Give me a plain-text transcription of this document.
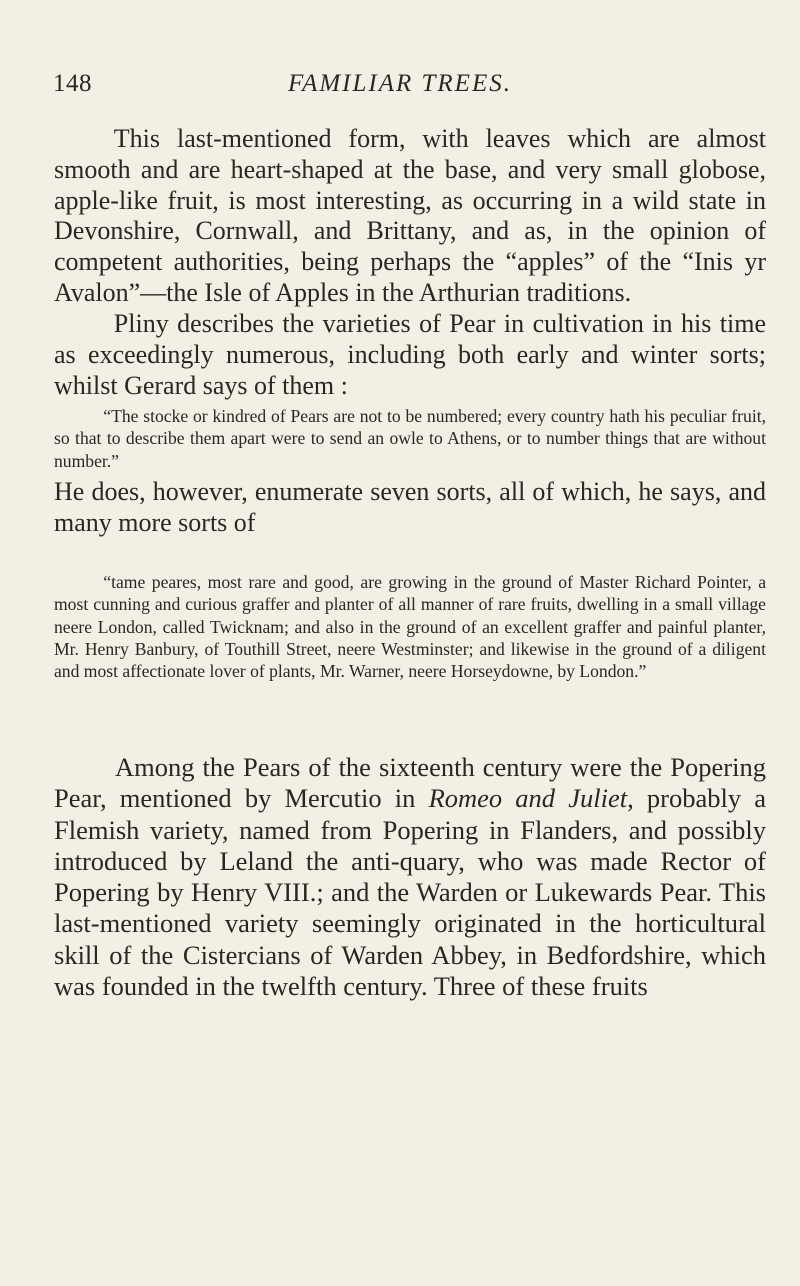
148	FAMILIAR TREES.

This last-mentioned form, with leaves which are almost smooth and are heart-shaped at the base, and very small globose, apple-like fruit, is most interesting, as occurring in a wild state in Devonshire, Cornwall, and Brittany, and as, in the opinion of competent authorities, being perhaps the “apples” of the “Inis yr Avalon”—the Isle of Apples in the Arthurian traditions.

Pliny describes the varieties of Pear in cultivation in his time as exceedingly numerous, including both early and winter sorts; whilst Gerard says of them :

“The stocke or kindred of Pears are not to be numbered; every country hath his peculiar fruit, so that to describe them apart were to send an owle to Athens, or to number things that are without number.”

He does, however, enumerate seven sorts, all of which, he says, and many more sorts of

“tame peares, most rare and good, are growing in the ground of Master Richard Pointer, a most cunning and curious graffer and planter of all manner of rare fruits, dwelling in a small village neere London, called Twicknam; and also in the ground of an excellent graffer and painful planter, Mr. Henry Banbury, of Touthill Street, neere Westminster; and likewise in the ground of a diligent and most affectionate lover of plants, Mr. Warner, neere Horseydowne, by London.”

Among the Pears of the sixteenth century were the Popering Pear, mentioned by Mercutio in Romeo and Juliet, probably a Flemish variety, named from Popering in Flanders, and possibly introduced by Leland the anti-quary, who was made Rector of Popering by Henry VIII.; and the Warden or Lukewards Pear. This last-mentioned variety seemingly originated in the horticultural skill of the Cistercians of Warden Abbey, in Bedfordshire, which was founded in the twelfth century. Three of these fruits
